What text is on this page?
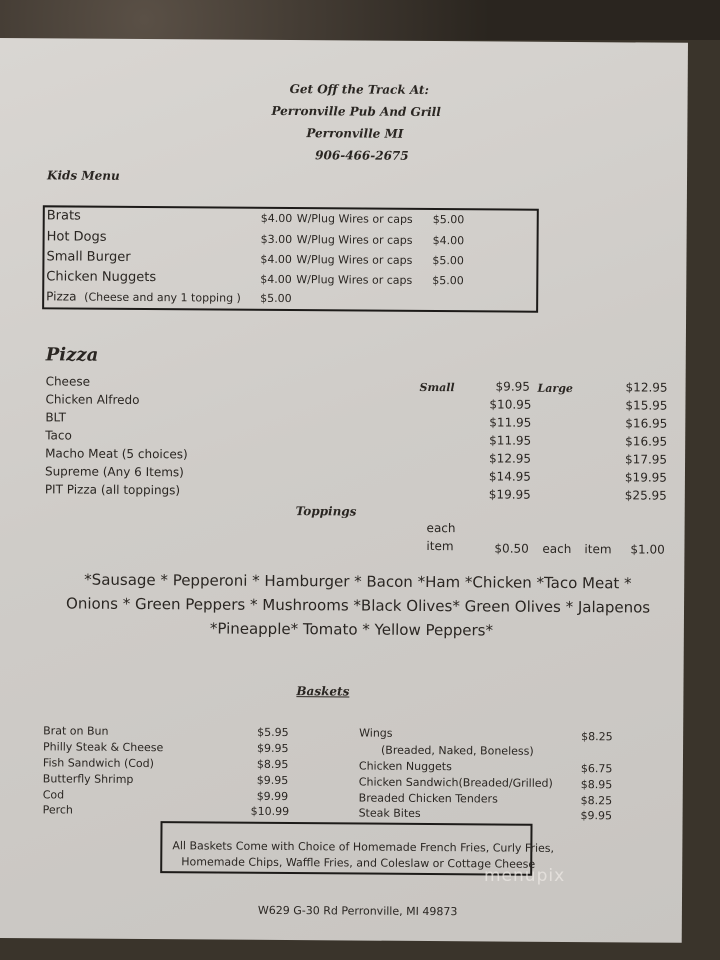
Get Off the Track At:
Perronville Pub And Grill
Perronville MI
906-466-2675
Kids Menu
Brats	$4.00 W/Plug Wires or caps $5.00
Hot Dogs	$3.00 W/Plug Wires or caps $4.00
Small Burger	$4.00 W/Plug Wires or caps $5.00
Chicken Nuggets	$4.00 W/Plug Wires or caps $5.00
Pizza (Cheese and any 1 topping ) $5.00
Pizza
Small	Large
Cheese	$9.95	$12.95
Chicken Alfredo	$10.95	$15.95
BLT	$11.95	$16.95
Taco	$11.95	$16.95
Macho Meat (5 choices)	$12.95	$17.95
Supreme (Any 6 Items)	$14.95	$19.95
PIT Pizza (all toppings)	$19.95	$25.95
Toppings
each
item	$0.50 each item $1.00
*Sausage * Pepperoni * Hamburger * Bacon *Ham *Chicken *Taco Meat *
Onions * Green Peppers * Mushrooms *Black Olives* Green Olives * Jalapenos
*Pineapple* Tomato * Yellow Peppers*
Baskets
Brat on Bun	$5.95
Philly Steak & Cheese	$9.95
Fish Sandwich (Cod)	$8.95
Butterfly Shrimp	$9.95
Cod	$9.99
Perch	$10.99
Wings	$8.25
(Breaded, Naked, Boneless)
Chicken Nuggets	$6.75
Chicken Sandwich(Breaded/Grilled)	$8.95
Breaded Chicken Tenders	$8.25
Steak Bites	$9.95
All Baskets Come with Choice of Homemade French Fries, Curly Fries,
Homemade Chips, Waffle Fries, and Coleslaw or Cottage Cheese
W629 G-30 Rd Perronville, MI 49873
menupix
